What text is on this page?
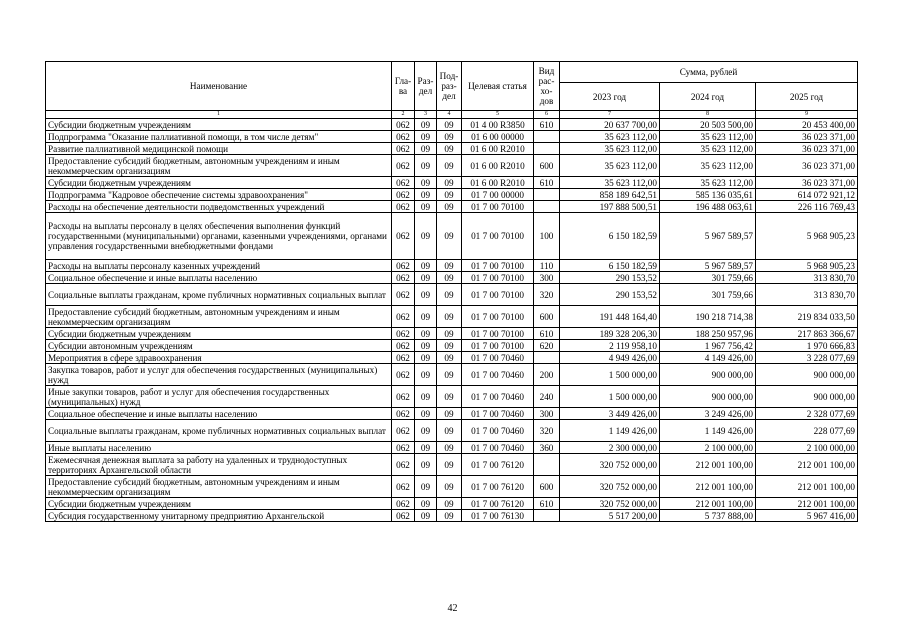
Наименование	Гла-ва	Раз-дел	Под-раз-дел	Целевая статья	Вид рас-хо-дов	Сумма, рублей		
						2023 год	2024 год	2025 год
1	2	3	4	5	6	7	8	9
Субсидии бюджетным учреждениям	062	09	09	01 4 00 R3850	610	20 637 700,00	20 503 500,00	20 453 400,00
Подпрограмма "Оказание паллиативной помощи, в том числе детям"	062	09	09	01 6 00 00000		35 623 112,00	35 623 112,00	36 023 371,00
Развитие паллиативной медицинской помощи	062	09	09	01 6 00 R2010		35 623 112,00	35 623 112,00	36 023 371,00
Предоставление субсидий бюджетным, автономным учреждениям и иным некоммерческим организациям	062	09	09	01 6 00 R2010	600	35 623 112,00	35 623 112,00	36 023 371,00
Субсидии бюджетным учреждениям	062	09	09	01 6 00 R2010	610	35 623 112,00	35 623 112,00	36 023 371,00
Подпрограмма "Кадровое обеспечение системы здравоохранения"	062	09	09	01 7 00 00000		858 189 642,51	585 136 035,61	614 072 921,12
Расходы на обеспечение деятельности подведомственных учреждений	062	09	09	01 7 00 70100		197 888 500,51	196 488 063,61	226 116 769,43
Расходы на выплаты персоналу в целях обеспечения выполнения функций государственными (муниципальными) органами, казенными учреждениями, органами управления государственными внебюджетными фондами	062	09	09	01 7 00 70100	100	6 150 182,59	5 967 589,57	5 968 905,23
Расходы на выплаты персоналу казенных учреждений	062	09	09	01 7 00 70100	110	6 150 182,59	5 967 589,57	5 968 905,23
Социальное обеспечение и иные выплаты населению	062	09	09	01 7 00 70100	300	290 153,52	301 759,66	313 830,70
Социальные выплаты гражданам, кроме публичных нормативных социальных выплат	062	09	09	01 7 00 70100	320	290 153,52	301 759,66	313 830,70
Предоставление субсидий бюджетным, автономным учреждениям и иным некоммерческим организациям	062	09	09	01 7 00 70100	600	191 448 164,40	190 218 714,38	219 834 033,50
Субсидии бюджетным учреждениям	062	09	09	01 7 00 70100	610	189 328 206,30	188 250 957,96	217 863 366,67
Субсидии автономным учреждениям	062	09	09	01 7 00 70100	620	2 119 958,10	1 967 756,42	1 970 666,83
Мероприятия в сфере здравоохранения	062	09	09	01 7 00 70460		4 949 426,00	4 149 426,00	3 228 077,69
Закупка товаров, работ и услуг для обеспечения государственных (муниципальных) нужд	062	09	09	01 7 00 70460	200	1 500 000,00	900 000,00	900 000,00
Иные закупки товаров, работ и услуг для обеспечения государственных (муниципальных) нужд	062	09	09	01 7 00 70460	240	1 500 000,00	900 000,00	900 000,00
Социальное обеспечение и иные выплаты населению	062	09	09	01 7 00 70460	300	3 449 426,00	3 249 426,00	2 328 077,69
Социальные выплаты гражданам, кроме публичных нормативных социальных выплат	062	09	09	01 7 00 70460	320	1 149 426,00	1 149 426,00	228 077,69
Иные выплаты населению	062	09	09	01 7 00 70460	360	2 300 000,00	2 100 000,00	2 100 000,00
Ежемесячная денежная выплата за работу на удаленных и труднодоступных территориях Архангельской области	062	09	09	01 7 00 76120		320 752 000,00	212 001 100,00	212 001 100,00
Предоставление субсидий бюджетным, автономным учреждениям и иным некоммерческим организациям	062	09	09	01 7 00 76120	600	320 752 000,00	212 001 100,00	212 001 100,00
Субсидии бюджетным учреждениям	062	09	09	01 7 00 76120	610	320 752 000,00	212 001 100,00	212 001 100,00
Субсидия государственному унитарному предприятию Архангельской	062	09	09	01 7 00 76130		5 517 200,00	5 737 888,00	5 967 416,00
42
